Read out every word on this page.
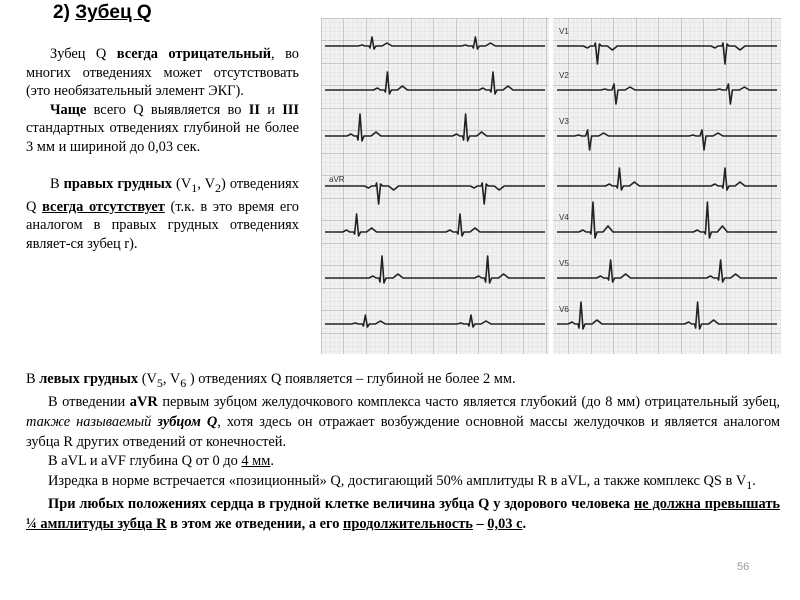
2) Зубец Q

Зубец Q всегда отрицательный, во многих отведениях может отсутствовать (это необязательный элемент ЭКГ).

Чаще всего Q выявляется во II и III стандартных отведениях глубиной не более 3 мм и шириной до 0,03 сек.

В правых грудных ($V_1$, $V_2$) отведениях Q всегда отсутствует (т.к. в это время его аналогом в правых грудных отведениях являет-ся зубец r).

V1
V2
V3
aVR
V4
V5
V6

В левых грудных ($V_5$, $V_6$ ) отведениях Q появляется – глубиной не более 2 мм.

В отведении aVR первым зубцом желудочкового комплекса часто является глубокий (до 8 мм) отрицательный зубец, также называемый зубцом Q, хотя здесь он отражает возбуждение основной массы желудочков и является аналогом зубца R других отведений от конечностей.

В aVL и aVF глубина Q от 0 до 4 мм.

Изредка в норме встречается «позиционный» Q, достигающий 50% амплитуды R в aVL, а также комплекс QS в $V_1$.

При любых положениях сердца в грудной клетке величина зубца Q у здорового человека не должна превышать ¼ амплитуды зубца R в этом же отведении, а его продолжительность – 0,03 с.

56
